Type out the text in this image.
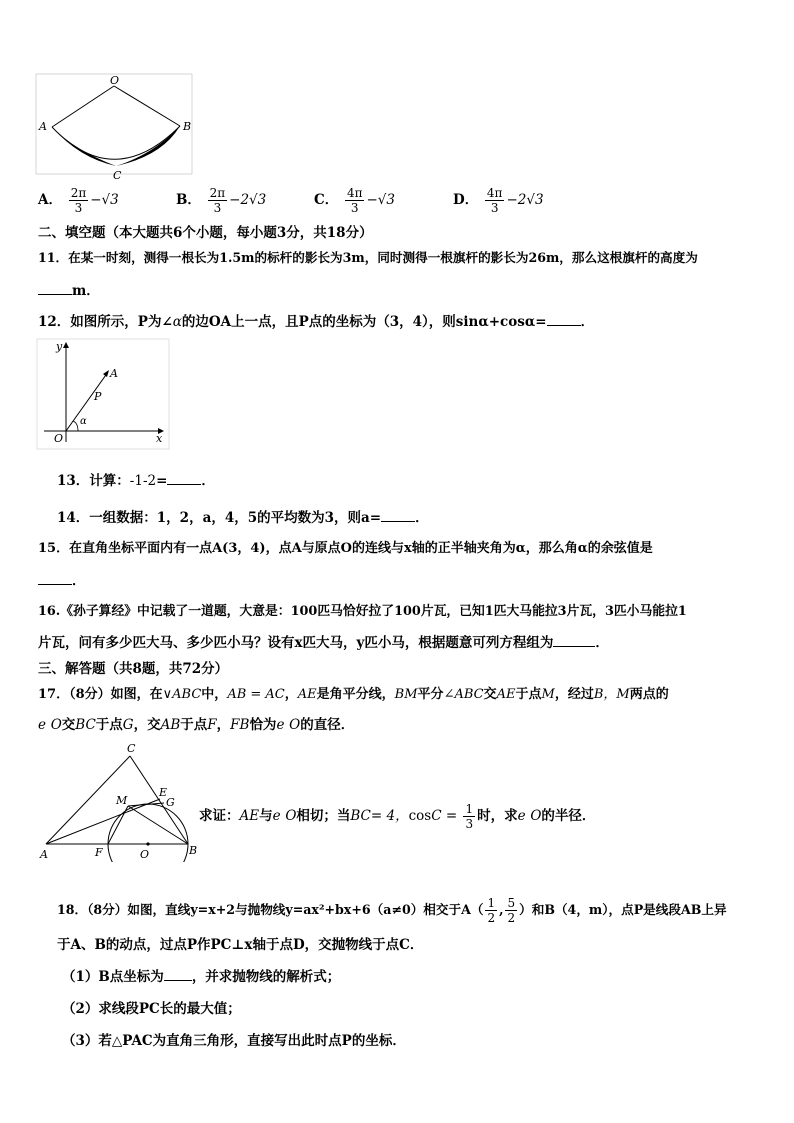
O
A	B
C
A． $\frac{2\pi}{3} -√3$	B． $\frac{2\pi}{3} -2√3$	C． $\frac{4\pi}{3} -√3$	D． $\frac{4\pi}{3} -2√3$
二、填空题（本大题共6个小题，每小题3分，共18分）
11．在某一时刻，测得一根长为1.5m的标杆的影长为3m，同时测得一根旗杆的影长为26m，那么这根旗杆的高度为
m．
12．如图所示，P为∠α的边OA上一点，且P点的坐标为（3，4），则sinα+cosα=	．
y
x
O
A
P
α
13．计算：-1-2=	．
14．一组数据：1，2，a，4，5的平均数为3，则a=	．
15．在直角坐标平面内有一点A(3，4)，点A与原点O的连线与x轴的正半轴夹角为α，那么角α的余弦值是
．
16.《孙子算经》中记载了一道题，大意是：100匹马恰好拉了100片瓦，已知1匹大马能拉3片瓦，3匹小马能拉1
片瓦，问有多少匹大马、多少匹小马？设有x匹大马，y匹小马，根据题意可列方程组为	．
三、解答题（共8题，共72分）
17．（8分）如图，在∨ABC中，AB = AC，AE是角平分线，BM平分∠ABC交AE于点M，经过B，M两点的
e O交BC于点G，交AB于点F，FB恰为e O的直径．
C
E
G
M
A	F	O	B
求证：AE与e O相切；当BC= 4，$\cos C = \frac{1}{3}$ 时，求e O的半径．
18．（8分）如图，直线y=x+2与抛物线y=ax²+bx+6（a≠0）相交于$A( \frac{1}{2}$ , $\frac{5}{2}$ ）和B（4，m），点P是线段AB上异
于A、B的动点，过点P作PC⊥x轴于点D，交抛物线于点C．
（1）B点坐标为 ，并求抛物线的解析式；
（2）求线段PC长的最大值；
（3）若△PAC为直角三角形，直接写出此时点P的坐标．
